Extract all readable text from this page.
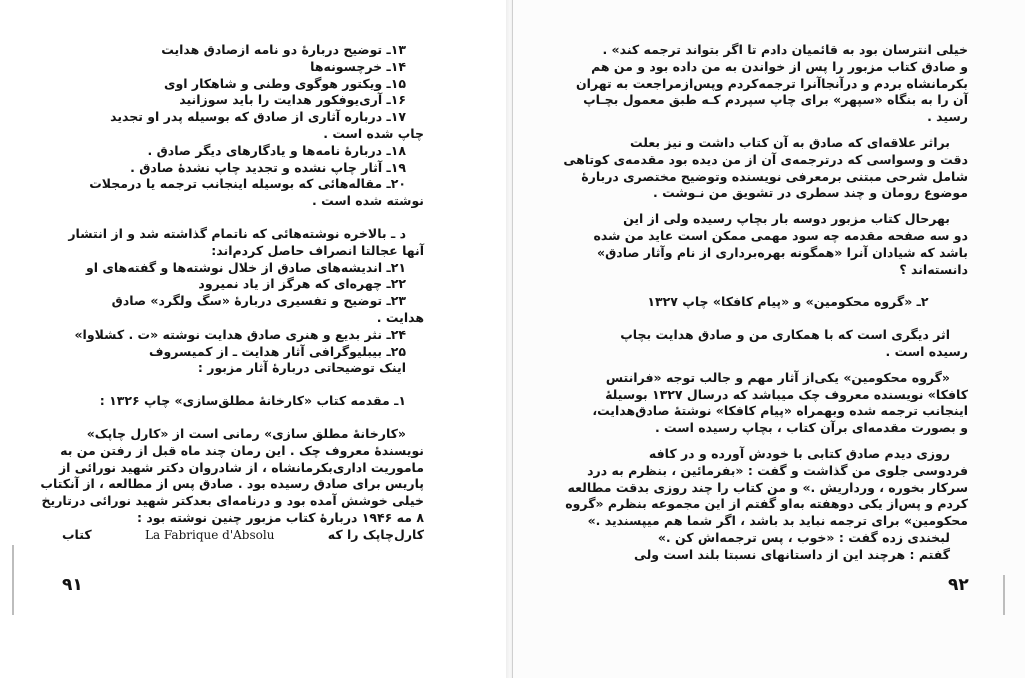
۱۳ـ توضیح دربارهٔ دو نامه ازصادق هدایت
۱۴ـ خرچسونه‌ها
۱۵ـ ویکتور هوگوی وطنی و شاهکار اوی
۱۶ـ آری‌یوفکور هدایت را باید سوزانید
۱۷ـ درباره آثاری از صادق که بوسیله پدر او تجدید
چاپ شده است .
۱۸ـ دربارهٔ نامه‌ها و یادگارهای دیگر صادق .
۱۹ـ آثار چاپ نشده و تجدید چاپ نشدهٔ صادق .
۲۰ـ مقاله‌هائی که بوسیله اینجانب ترجمه یا درمجلات
نوشته شده است .
د ـ بالاخره نوشته‌هائی که ناتمام گذاشته شد و از انتشار
آنها عجالتا انصراف حاصل کردم‌اند:
۲۱ـ اندیشه‌های صادق از خلال نوشته‌ها و گفته‌های او
۲۲ـ چهره‌ای که هرگز از یاد نمیرود
۲۳ـ توضیح و تفسیری دربارهٔ «سگ ولگرد» صادق
هدایت .
۲۴ـ نثر بدیع و هنری صادق هدایت نوشته «ت . کشلاوا»
۲۵ـ بیبلیوگرافی آثار هدایت ـ از کمیسروف
اینک توضیحاتی دربارهٔ آثار مزبور :
۱ـ مقدمه کتاب «کارخانهٔ مطلق‌سازی» چاپ ۱۳۲۶ :
«کارخانهٔ مطلق سازی» رمانی است از «کارل چاپک»
نویسندهٔ معروف چک . این رمان چند ماه قبل از رفتن من به
ماموریت اداری‌بکرمانشاه ، از شادروان دکتر شهید نورائی از
پاریس برای صادق رسیده بود . صادق پس از مطالعه ، از آنکتاب
خیلی خوشش آمده بود و درنامه‌ای بعدکتر شهید نورائی درتاریخ
۸ مه ۱۹۴۶ دربارهٔ کتاب مزبور چنین نوشته بود :
کتاب	La Fabrique d'Absolu	کارل‌چاپک را که
۹۱
خیلی انترسان بود به قائمیان دادم تا اگر بتواند ترجمه کند» .
و صادق کتاب مزبور را پس از خواندن به من داده بود و من هم
بکرمانشاه بردم و درآنجاآنرا ترجمه‌کردم وپس‌ازمراجعت به تهران
آن را به بنگاه «سپهر» برای چاپ سپردم کـه طبق معمول بچـاپ
رسید .
براثر علاقه‌ای که صادق به آن کتاب داشت و نیز بعلت
دقت و وسواسی که درترجمه‌ی آن از من دیده بود مقدمه‌ی کوتاهی
شامل شرحی مبتنی برمعرفی نویسنده وتوضیح مختصری دربارهٔ
موضوع رومان و چند سطری در تشویق من نـوشت .
بهرحال کتاب مزبور دوسه بار بچاپ رسیده ولی از این
دو سه صفحه مقدمه چه سود مهمی ممکن است عاید من شده
باشد که شیادان آنرا «همگونه بهره‌برداری از نام وآثار صادق»
دانسته‌اند ؟
۲ـ «گروه محکومین» و «پیام کافکا» چاپ ۱۳۲۷
اثر دیگری است که با همکاری من و صادق هدایت بچاپ
رسیده است .
«گروه محکومین» یکی‌از آثار مهم و جالب توجه «فرانتس
کافکا» نویسنده معروف چک میباشد که درسال ۱۳۲۷ بوسیلهٔ
اینجانب ترجمه شده وبهمراه «پیام کافکا» نوشتهٔ صادق‌هدایت،
و بصورت مقدمه‌ای برآن کتاب ، بچاپ رسیده است .
روزی دیدم صادق کتابی با خودش آورده و در کافه
فردوسی جلوی من گذاشت و گفت : «بفرمائین ، بنظرم به درد
سرکار بخوره ، ورداریش .» و من کتاب را چند روزی بدقت مطالعه
کردم و پس‌از یکی دوهفته به‌او گفتم از این مجموعه بنظرم «گروه
محکومین» برای ترجمه نباید بد باشد ، اگر شما هم میپسندید .»
لبخندی زده گفت : «خوب ، پس ترجمه‌اش کن .»
گفتم : هرچند این از داستانهای نسبتا بلند است ولی
۹۲
